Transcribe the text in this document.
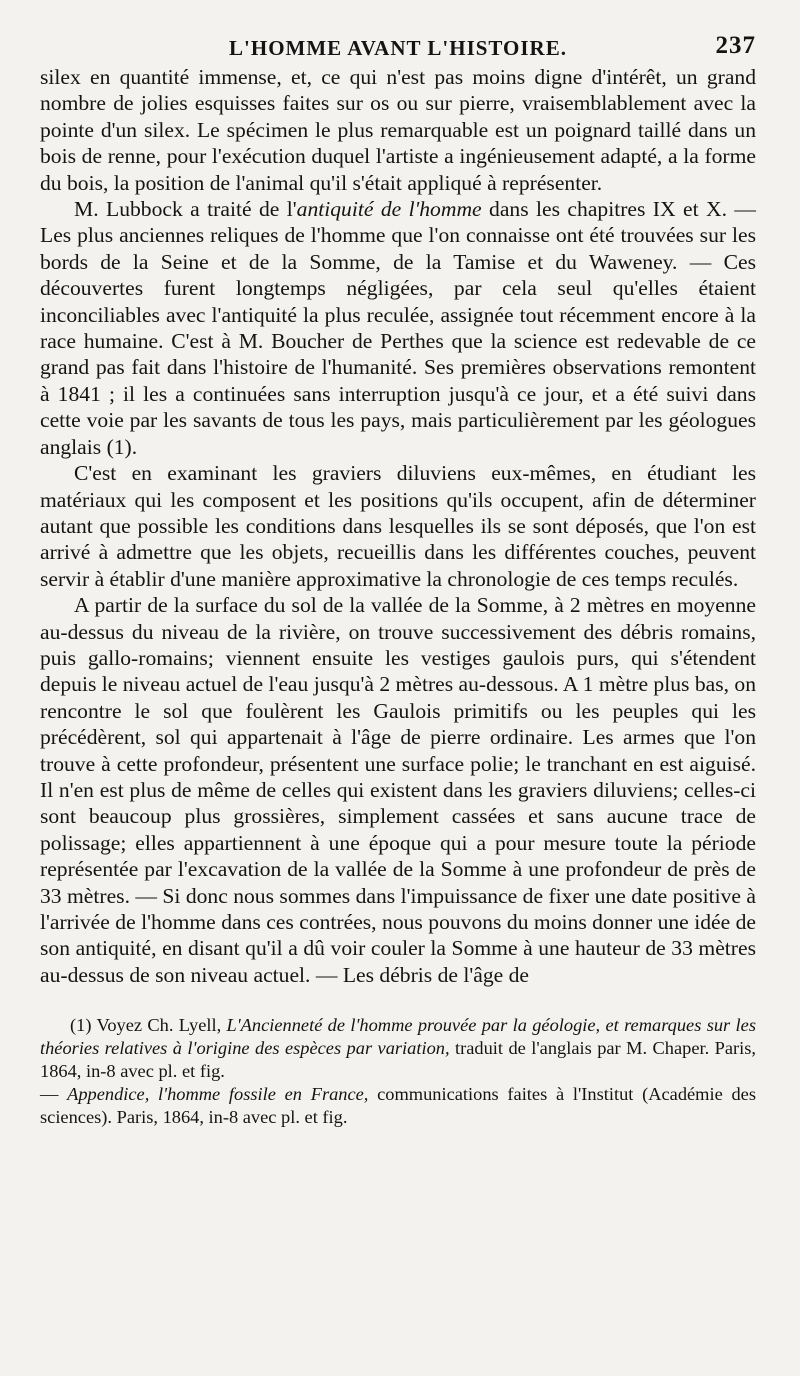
L'HOMME AVANT L'HISTOIRE.	237

silex en quantité immense, et, ce qui n'est pas moins digne d'intérêt, un grand nombre de jolies esquisses faites sur os ou sur pierre, vraisemblablement avec la pointe d'un silex. Le spécimen le plus remarquable est un poignard taillé dans un bois de renne, pour l'exécution duquel l'artiste a ingénieusement adapté, a la forme du bois, la position de l'animal qu'il s'était appliqué à représenter.

M. Lubbock a traité de l'antiquité de l'homme dans les chapitres IX et X. — Les plus anciennes reliques de l'homme que l'on connaisse ont été trouvées sur les bords de la Seine et de la Somme, de la Tamise et du Waweney. — Ces découvertes furent longtemps négligées, par cela seul qu'elles étaient inconciliables avec l'antiquité la plus reculée, assignée tout récemment encore à la race humaine. C'est à M. Boucher de Perthes que la science est redevable de ce grand pas fait dans l'histoire de l'humanité. Ses premières observations remontent à 1841 ; il les a continuées sans interruption jusqu'à ce jour, et a été suivi dans cette voie par les savants de tous les pays, mais particulièrement par les géologues anglais (1).

C'est en examinant les graviers diluviens eux-mêmes, en étudiant les matériaux qui les composent et les positions qu'ils occupent, afin de déterminer autant que possible les conditions dans lesquelles ils se sont déposés, que l'on est arrivé à admettre que les objets, recueillis dans les différentes couches, peuvent servir à établir d'une manière approximative la chronologie de ces temps reculés.

A partir de la surface du sol de la vallée de la Somme, à 2 mètres en moyenne au-dessus du niveau de la rivière, on trouve successivement des débris romains, puis gallo-romains; viennent ensuite les vestiges gaulois purs, qui s'étendent depuis le niveau actuel de l'eau jusqu'à 2 mètres au-dessous. A 1 mètre plus bas, on rencontre le sol que foulèrent les Gaulois primitifs ou les peuples qui les précédèrent, sol qui appartenait à l'âge de pierre ordinaire. Les armes que l'on trouve à cette profondeur, présentent une surface polie; le tranchant en est aiguisé. Il n'en est plus de même de celles qui existent dans les graviers diluviens; celles-ci sont beaucoup plus grossières, simplement cassées et sans aucune trace de polissage; elles appartiennent à une époque qui a pour mesure toute la période représentée par l'excavation de la vallée de la Somme à une profondeur de près de 33 mètres. — Si donc nous sommes dans l'impuissance de fixer une date positive à l'arrivée de l'homme dans ces contrées, nous pouvons du moins donner une idée de son antiquité, en disant qu'il a dû voir couler la Somme à une hauteur de 33 mètres au-dessus de son niveau actuel. — Les débris de l'âge de

(1) Voyez Ch. Lyell, L'Ancienneté de l'homme prouvée par la géologie, et remarques sur les théories relatives à l'origine des espèces par variation, traduit de l'anglais par M. Chaper. Paris, 1864, in-8 avec pl. et fig.

— Appendice, l'homme fossile en France, communications faites à l'Institut (Académie des sciences). Paris, 1864, in-8 avec pl. et fig.
